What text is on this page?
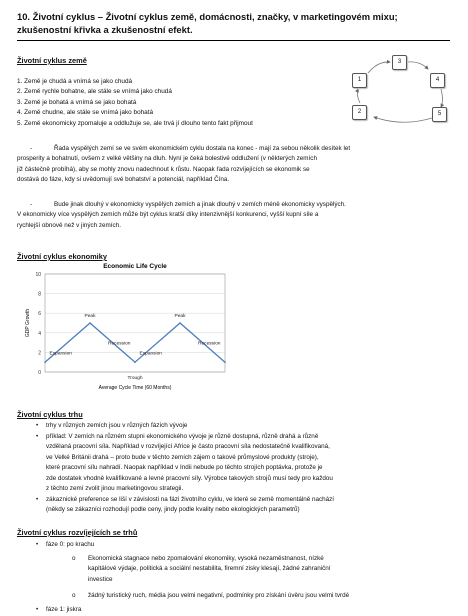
10. Životní cyklus – Životní cyklus země, domácnosti, značky, v marketingovém mixu;
zkušenostní křivka a zkušenostní efekt.
Životní cyklus země
1. Země je chudá a vnímá se jako chudá
2. Země rychle bohatne, ale stále se vnímá jako chudá
3. Země je bohatá a vnímá se jako bohatá
4. Země chudne, ale stále se vnímá jako bohatá
5. Země ekonomicky zpomaluje a oddlužuje se, ale trvá jí dlouho tento fakt přijmout
1
3
4
2	5
-	Řada vyspělých zemí se ve svém ekonomickém cyklu dostala na konec - mají za sebou několik desítek let
prosperity a bohatnutí, ovšem z velké většiny na dluh. Nyní je čeká bolestivé oddlužení (v některých zemích
již částečně probíhá), aby se mohly znovu nadechnout k růstu. Naopak řada rozvíjejících se ekonomik se
dostává do fáze, kdy si uvědomují své bohatství a potenciál, například Čína.
-	Bude jinak dlouhý v ekonomicky vyspělých zemích a jinak dlouhý v zemích méně ekonomicky vyspělých.
V ekonomicky více vyspělých zemích může být cyklus kratší díky intenzivnější konkurenci, vyšší kupní síle a
rychlejší obnově než v jiných zemích.
Životní cyklus ekonomiky
Economic Life Cycle
0
2
4
6
8
10
GDP Growth
Average Cycle Time (60 Months)
Peak	Peak
Expansion
Recession
Trough
Expansion
Recession
Životní cyklus trhu
• trhy v různých zemích jsou v různých fázích vývoje
• příklad: V zemích na různém stupni ekonomického vývoje je různě dostupná, různě drahá a různě
vzdělaná pracovní síla. Například v rozvíjející Africe je často pracovní síla nedostatečně kvalifikovaná,
ve Velké Británii drahá – proto bude v těchto zemích zájem o takové průmyslové produkty (stroje),
které pracovní sílu nahradí. Naopak například v Indii nebude po těchto strojích poptávka, protože je
zde dostatek vhodně kvalifikované a levné pracovní síly. Výrobce takových strojů musí tedy pro každou
z těchto zemí zvolit jinou marketingovou strategii.
• zákaznické preference se liší v závislosti na fázi životního cyklu, ve které se země momentálně nachází
(někdy se zákazníci rozhodují podle ceny, jindy podle kvality nebo ekologických parametrů)
Životní cyklus rozvíjejících se trhů
• fáze 0: po krachu
o Ekonomická stagnace nebo zpomalování ekonomiky, vysoká nezaměstnanost, nízké
kapitálové výdaje, politická a sociální nestabilita, firemní zisky klesají, žádné zahraniční
investice
o žádný turistický ruch, média jsou velmi negativní, podmínky pro získání úvěru jsou velmi tvrdé
• fáze 1: jiskra
